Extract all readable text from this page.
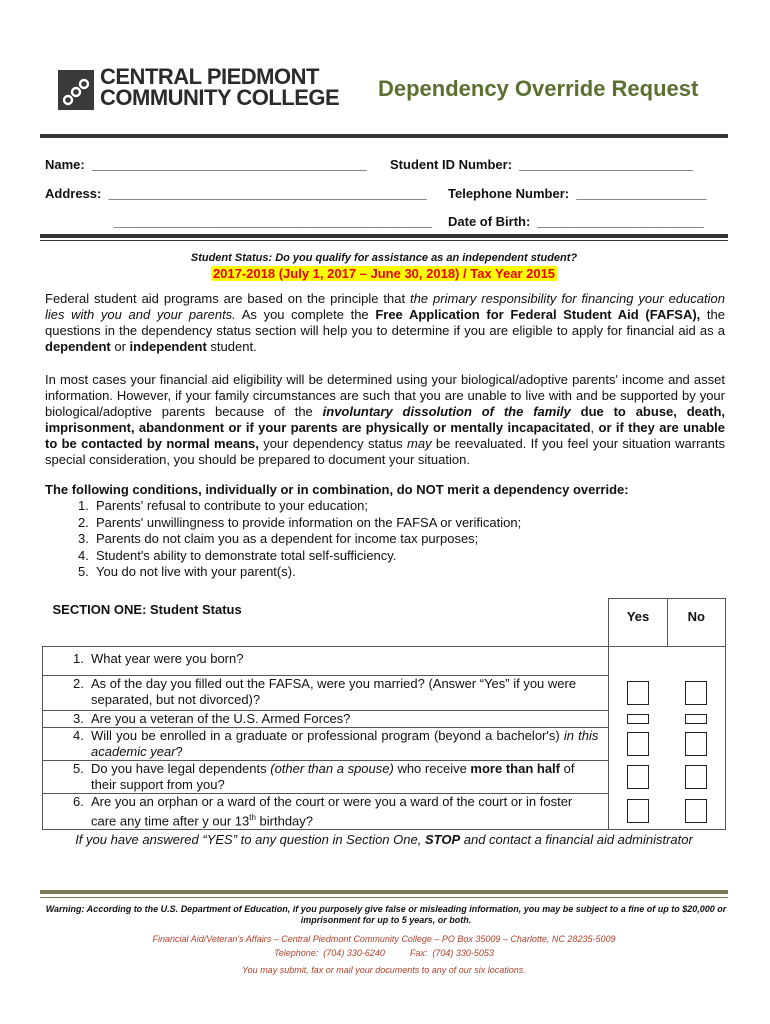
CENTRAL PIEDMONT
COMMUNITY COLLEGE Dependency Override Request
Name:  ______________________________________ Student ID Number:  ________________________
Address:  ____________________________________________ Telephone Number:  __________________
____________________________________________ Date of Birth:  _______________________
Student Status: Do you qualify for assistance as an independent student?
2017-2018 (July 1, 2017 – June 30, 2018) / Tax Year 2015
Federal student aid programs are based on the principle that the primary responsibility for financing your education lies with you and your parents. As you complete the Free Application for Federal Student Aid (FAFSA), the questions in the dependency status section will help you to determine if you are eligible to apply for financial aid as a dependent or independent student.
In most cases your financial aid eligibility will be determined using your biological/adoptive parents' income and asset information. However, if your family circumstances are such that you are unable to live with and be supported by your biological/adoptive parents because of the involuntary dissolution of the family due to abuse, death, imprisonment, abandonment or if your parents are physically or mentally incapacitated, or if they are unable to be contacted by normal means, your dependency status may be reevaluated. If you feel your situation warrants special consideration, you should be prepared to document your situation.
The following conditions, individually or in combination, do NOT merit a dependency override:
1. Parents' refusal to contribute to your education;
2. Parents' unwillingness to provide information on the FAFSA or verification;
3. Parents do not claim you as a dependent for income tax purposes;
4. Student's ability to demonstrate total self-sufficiency.
5. You do not live with your parent(s).
SECTION ONE: Student Status	Yes	No

1. What year were you born?		

2. As of the day you filled out the FAFSA, were you married? (Answer “Yes” if you were separated, but not divorced)?		

3. Are you a veteran of the U.S. Armed Forces?		

4. Will you be enrolled in a graduate or professional program (beyond a bachelor's) in this academic year?		

5. Do you have legal dependents (other than a spouse) who receive more than half of their support from you?		

6. Are you an orphan or a ward of the court or were you a ward of the court or in foster care any time after y our 13th birthday?		

If you have answered “YES” to any question in Section One, STOP and contact a financial aid administrator
Warning: According to the U.S. Department of Education, if you purposely give false or misleading information, you may be subject to a fine of up to $20,000 or imprisonment for up to 5 years, or both.
Financial Aid/Veteran's Affairs – Central Piedmont Community College – PO Box 35009 – Charlotte, NC 28235-5009
Telephone:  (704) 330-6240          Fax:  (704) 330-5053
You may submit, fax or mail your documents to any of our six locations.
